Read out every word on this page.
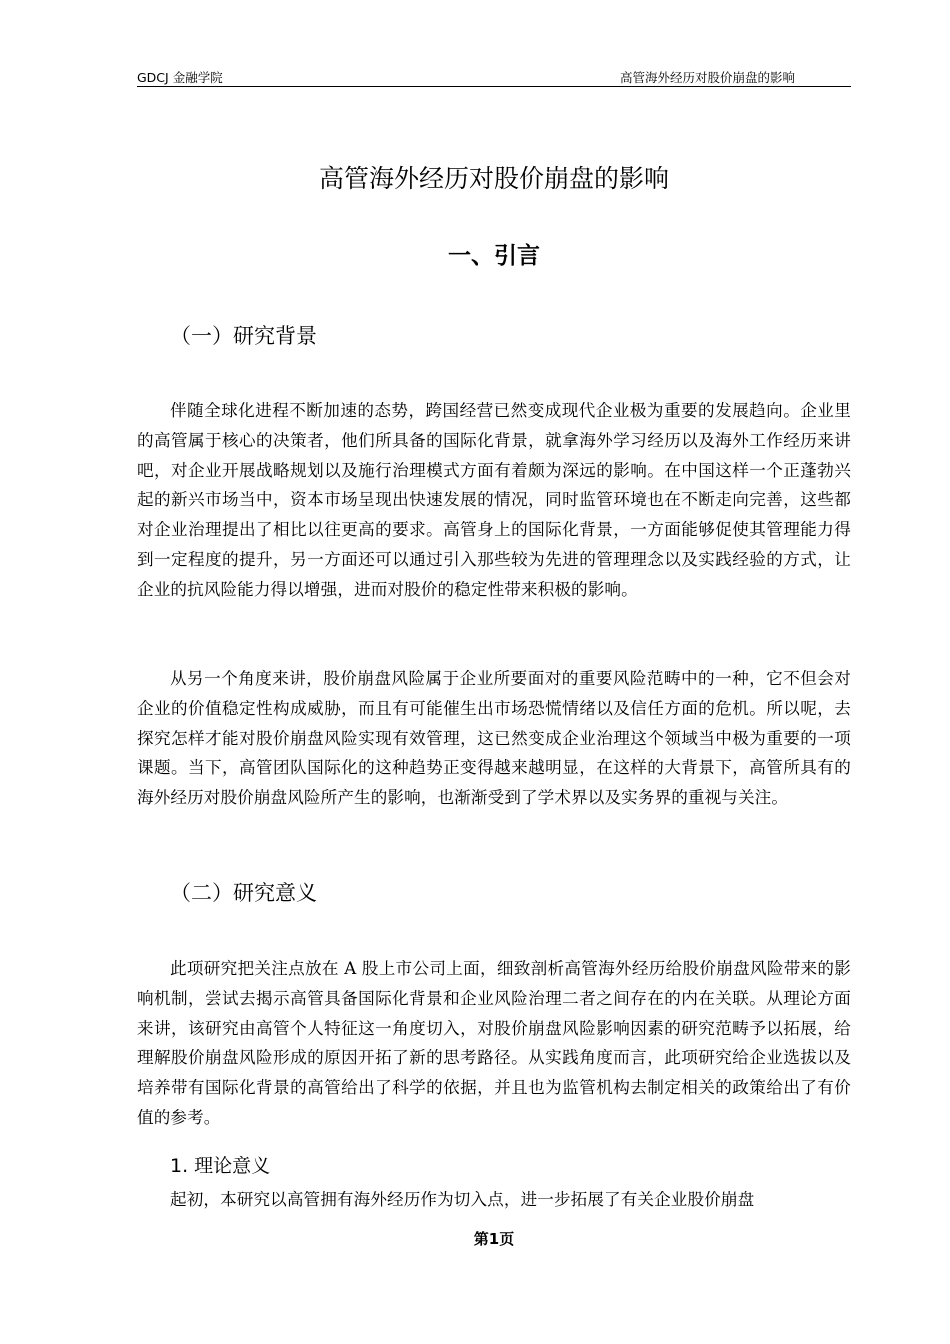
GDCJ 金融学院	高管海外经历对股价崩盘的影响
高管海外经历对股价崩盘的影响
一、引言
（一）研究背景

伴随全球化进程不断加速的态势，跨国经营已然变成现代企业极为重要的发展趋向。企业里的高管属于核心的决策者，他们所具备的国际化背景，就拿海外学习经历以及海外工作经历来讲吧，对企业开展战略规划以及施行治理模式方面有着颇为深远的影响。在中国这样一个正蓬勃兴起的新兴市场当中，资本市场呈现出快速发展的情况，同时监管环境也在不断走向完善，这些都对企业治理提出了相比以往更高的要求。高管身上的国际化背景，一方面能够促使其管理能力得到一定程度的提升，另一方面还可以通过引入那些较为先进的管理理念以及实践经验的方式，让企业的抗风险能力得以增强，进而对股价的稳定性带来积极的影响。

从另一个角度来讲，股价崩盘风险属于企业所要面对的重要风险范畴中的一种，它不但会对企业的价值稳定性构成威胁，而且有可能催生出市场恐慌情绪以及信任方面的危机。所以呢，去探究怎样才能对股价崩盘风险实现有效管理，这已然变成企业治理这个领域当中极为重要的一项课题。当下，高管团队国际化的这种趋势正变得越来越明显，在这样的大背景下，高管所具有的海外经历对股价崩盘风险所产生的影响，也渐渐受到了学术界以及实务界的重视与关注。

（二）研究意义

此项研究把关注点放在 A 股上市公司上面，细致剖析高管海外经历给股价崩盘风险带来的影响机制，尝试去揭示高管具备国际化背景和企业风险治理二者之间存在的内在关联。从理论方面来讲，该研究由高管个人特征这一角度切入，对股价崩盘风险影响因素的研究范畴予以拓展，给理解股价崩盘风险形成的原因开拓了新的思考路径。从实践角度而言，此项研究给企业选拔以及培养带有国际化背景的高管给出了科学的依据，并且也为监管机构去制定相关的政策给出了有价值的参考。

1. 理论意义

起初，本研究以高管拥有海外经历作为切入点，进一步拓展了有关企业股价崩盘

第1页
